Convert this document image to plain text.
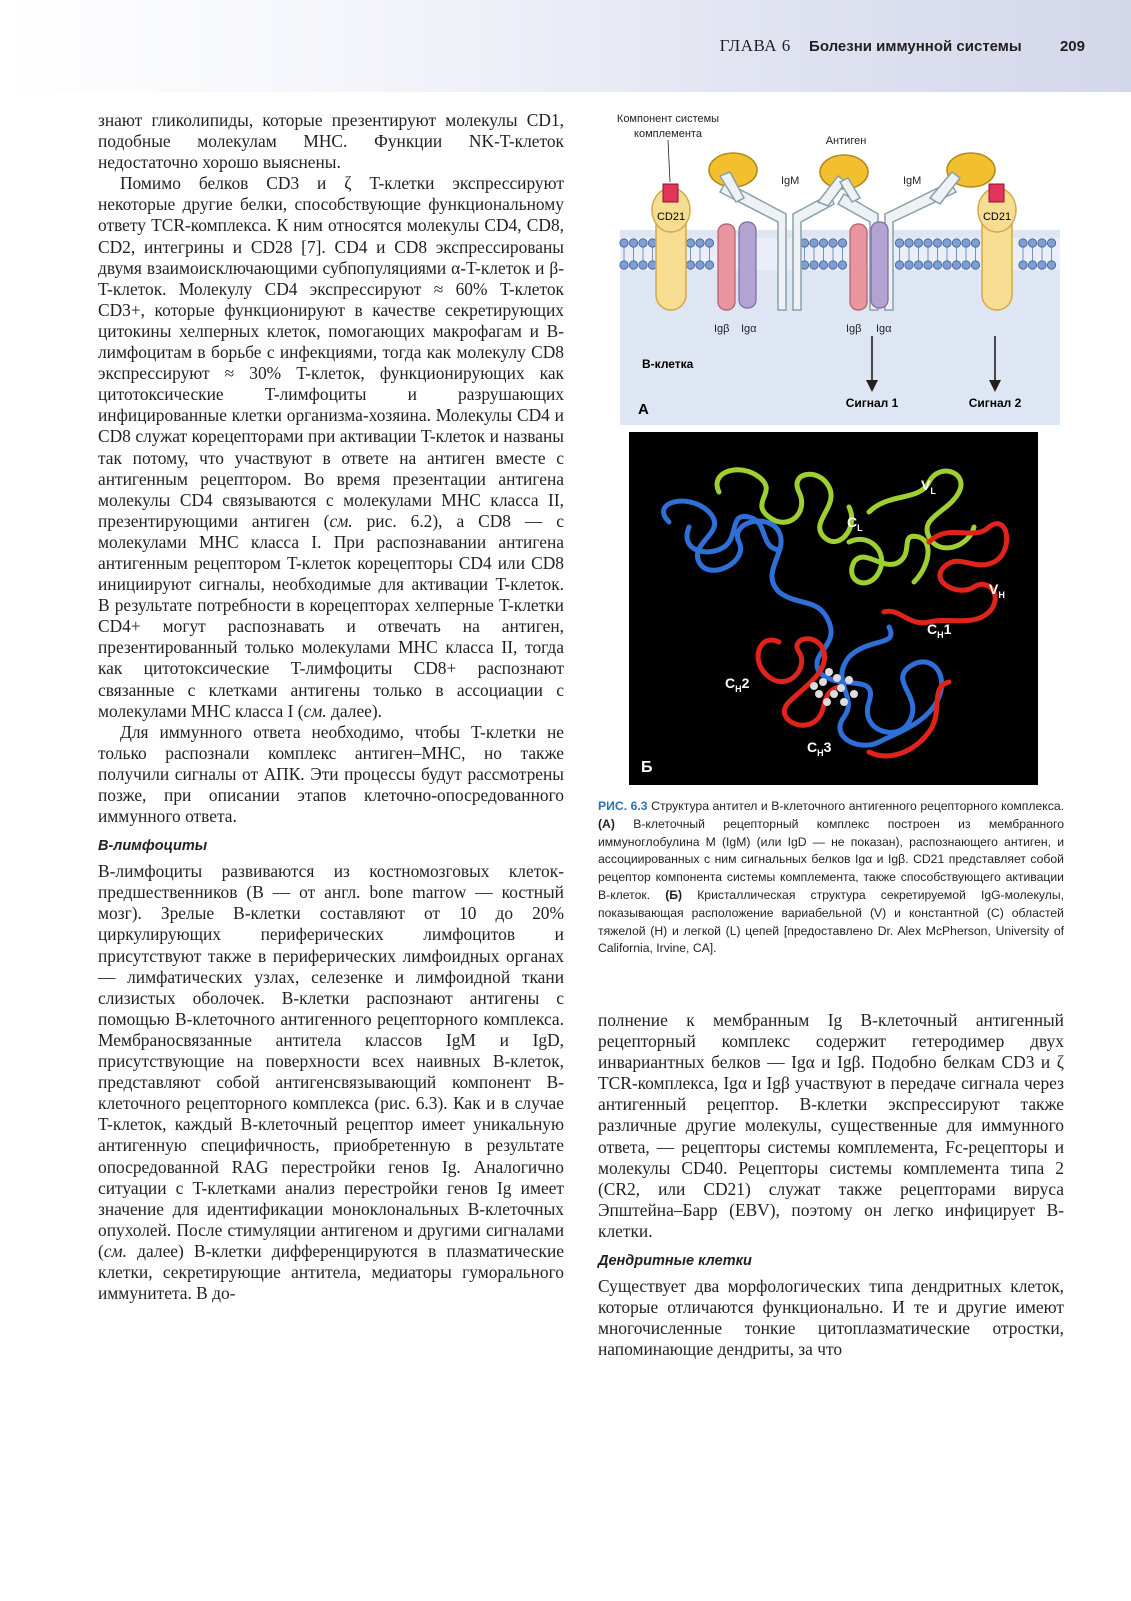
ГЛАВА 6 Болезни иммунной системы	209

знают гликолипиды, которые презентируют молекулы CD1, подобные молекулам MHC. Функции NK-T-клеток недостаточно хорошо выяснены.

Помимо белков CD3 и ζ T-клетки экспрессируют некоторые другие белки, способствующие функциональному ответу TCR-комплекса. К ним относятся молекулы CD4, CD8, CD2, интегрины и CD28 [7]. CD4 и CD8 экспрессированы двумя взаимоисключающими субпопуляциями α-T-клеток и β-T-клеток. Молекулу CD4 экспрессируют ≈ 60% T-клеток CD3+, которые функционируют в качестве секретирующих цитокины хелперных клеток, помогающих макрофагам и B-лимфоцитам в борьбе с инфекциями, тогда как молекулу CD8 экспрессируют ≈ 30% T-клеток, функционирующих как цитотоксические T-лимфоциты и разрушающих инфицированные клетки организма-хозяина. Молекулы CD4 и CD8 служат корецепторами при активации T-клеток и названы так потому, что участвуют в ответе на антиген вместе с антигенным рецептором. Во время презентации антигена молекулы CD4 связываются с молекулами MHC класса II, презентирующими антиген (см. рис. 6.2), а CD8 — с молекулами MHC класса I. При распознавании антигена антигенным рецептором T-клеток корецепторы CD4 или CD8 инициируют сигналы, необходимые для активации T-клеток. В результате потребности в корецепторах хелперные T-клетки CD4+ могут распознавать и отвечать на антиген, презентированный только молекулами MHC класса II, тогда как цитотоксические T-лимфоциты CD8+ распознают связанные с клетками антигены только в ассоциации с молекулами MHC класса I (см. далее).

Для иммунного ответа необходимо, чтобы T-клетки не только распознали комплекс антиген–MHC, но также получили сигналы от АПК. Эти процессы будут рассмотрены позже, при описании этапов клеточно-опосредованного иммунного ответа.

B-лимфоциты

B-лимфоциты развиваются из костномозговых клеток-предшественников (B — от англ. bone marrow — костный мозг). Зрелые B-клетки составляют от 10 до 20% циркулирующих периферических лимфоцитов и присутствуют также в периферических лимфоидных органах — лимфатических узлах, селезенке и лимфоидной ткани слизистых оболочек. B-клетки распознают антигены с помощью B-клеточного антигенного рецепторного комплекса. Мембраносвязанные антитела классов IgM и IgD, присутствующие на поверхности всех наивных B-клеток, представляют собой антигенсвязывающий компонент B-клеточного рецепторного комплекса (рис. 6.3). Как и в случае T-клеток, каждый B-клеточный рецептор имеет уникальную антигенную специфичность, приобретенную в результате опосредованной RAG перестройки генов Ig. Аналогично ситуации с T-клетками анализ перестройки генов Ig имеет значение для идентификации моноклональных B-клеточных опухолей. После стимуляции антигеном и другими сигналами (см. далее) B-клетки дифференцируются в плазматические клетки, секретирующие антитела, медиаторы гуморального иммунитета. В до-

CD21	CD21
Компонент системы
комплемента
Антиген
IgM	IgM
Igβ Igα	Igβ Igα
B-клетка
А	Сигнал 1	Сигнал 2
$V_L$
$C_L$
$V_H$
$C_H1$
$C_H2$
$C_H3$
Б
РИС. 6.3 Структура антител и B-клеточного антигенного рецепторного комплекса. (A) B-клеточный рецепторный комплекс построен из мембранного иммуноглобулина M (IgM) (или IgD — не показан), распознающего антиген, и ассоциированных с ним сигнальных белков Igα и Igβ. CD21 представляет собой рецептор компонента системы комплемента, также способствующего активации B-клеток. (Б) Кристаллическая структура секретируемой IgG-молекулы, показывающая расположение вариабельной (V) и константной (C) областей тяжелой (H) и легкой (L) цепей [предоставлено Dr. Alex McPherson, University of California, Irvine, CA].

полнение к мембранным Ig B-клеточный антигенный рецепторный комплекс содержит гетеродимер двух инвариантных белков — Igα и Igβ. Подобно белкам CD3 и ζ TCR-комплекса, Igα и Igβ участвуют в передаче сигнала через антигенный рецептор. B-клетки экспрессируют также различные другие молекулы, существенные для иммунного ответа, — рецепторы системы комплемента, Fc-рецепторы и молекулы CD40. Рецепторы системы комплемента типа 2 (CR2, или CD21) служат также рецепторами вируса Эпштейна–Барр (EBV), поэтому он легко инфицирует B-клетки.

Дендритные клетки

Существует два морфологических типа дендритных клеток, которые отличаются функционально. И те и другие имеют многочисленные тонкие цитоплазматические отростки, напоминающие дендриты, за что
